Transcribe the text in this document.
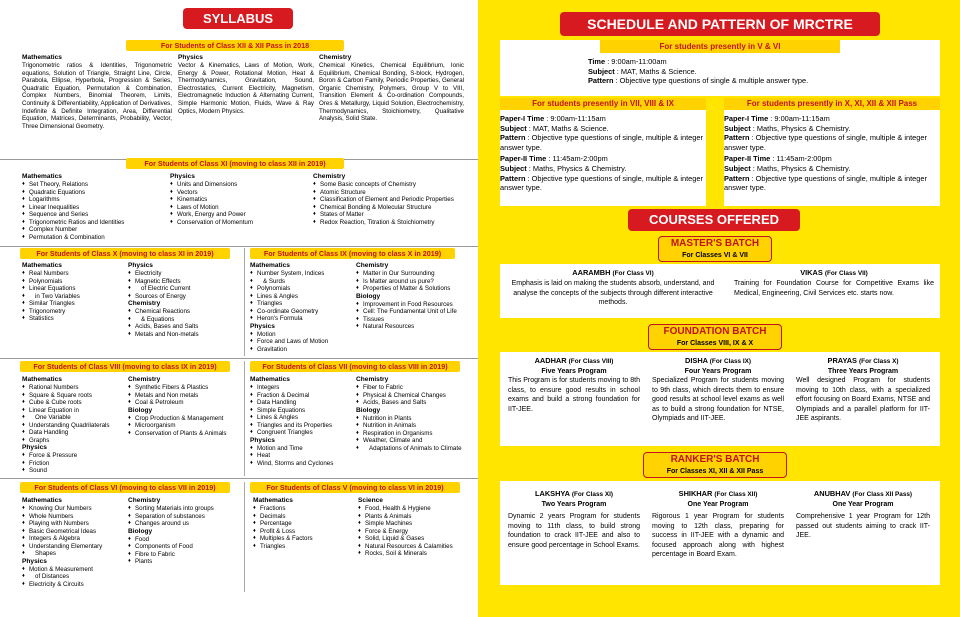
SYLLABUS
For Students of Class XII & XII Pass in 2018
Mathematics
Trigonometric ratios & Identities, Trigonometric equations, Solution of Triangle, Straight Line, Circle, Parabola, Ellipse, Hyperbola, Progression & Series, Quadratic Equation, Permutation & Combination, Complex Numbers, Binomial Theorem, Limits, Continuity & Differentiability, Application of Derivatives, Indefinite & Definite Integration, Area, Differential Equation, Matrices, Determinants, Probability, Vector, Three Dimensional Geometry.
Physics
Vector & Kinematics, Laws of Motion, Work, Energy & Power, Rotational Motion, Heat & Thermodynamics, Gravitation, Sound, Electrostatics, Current Electricity, Magnetism, Electromagnetic Induction & Alternating Current, Simple Harmonic Motion, Fluids, Wave & Ray Optics, Modern Physics.
Chemistry
Chemical Kinetics, Chemical Equilibrium, Ionic Equilibrium, Chemical Bonding, S-block, Hydrogen, Boron & Carbon Family, Periodic Properties, General Organic Chemistry, Polymers, Group V to VIII, Transition Element & Co-ordination Compounds, Ores & Metallurgy, Liquid Solution, Electrochemistry, Thermodynamics, Stoichiometry, Qualitative Analysis, Solid State.
For Students of Class XI (moving to class XII in 2019)
Mathematics
♦ Set Theory, Relations
♦ Quadratic Equations
♦ Logarithms
♦ Linear Inequalities
♦ Sequence and Series
♦ Trigonometric Ratios and Identities
♦ Complex Number
♦ Permutation & Combination
Physics
♦ Units and Dimensions
♦ Vectors
♦ Kinematics
♦ Laws of Motion
♦ Work, Energy and Power
♦ Conservation of Momentum
Chemistry
♦ Some Basic concepts of Chemistry
♦ Atomic Structure
♦ Classification of Element and Periodic Properties
♦ Chemical Bonding & Molecular Structure
♦ States of Matter
♦ Redox Reaction, Titration & Stoichiometry
For Students of Class X (moving to class XI in 2019)
Mathematics
♦ Real Numbers
♦ Polynomials
♦ Linear Equations
♦ in Two Variables
♦ Similar Triangles
♦ Trigonometry
♦ Statistics
Physics
♦ Electricity
♦ Magnetic Effects
♦ of Electric Current
♦ Sources of Energy
Chemistry
♦ Chemical Reactions
♦ & Equations
♦ Acids, Bases and Salts
♦ Metals and Non-metals
For Students of Class IX (moving to class X in 2019)
Mathematics
♦ Number System, Indices
♦ & Surds
♦ Polynomials
♦ Lines & Angles
♦ Triangles
♦ Co-ordinate Geometry
♦ Heron's Formula
Physics
♦ Motion
♦ Force and Laws of Motion
♦ Gravitation
Chemistry
♦ Matter in Our Surrounding
♦ Is Matter around us pure?
♦ Properties of Matter & Solutions
Biology
♦ Improvement in Food Resources
♦ Cell: The Fundamental Unit of Life
♦ Tissues
♦ Natural Resources
For Students of Class VIII (moving to class IX in 2019)
Mathematics
♦ Rational Numbers
♦ Square & Square roots
♦ Cube & Cube roots
♦ Linear Equation in
♦ One Variable
♦ Understanding Quadrilaterals
♦ Data Handling
♦ Graphs
Physics
♦ Force & Pressure
♦ Friction
♦ Sound
Chemistry
♦ Synthetic Fibers & Plastics
♦ Metals and Non metals
♦ Coal & Petroleum
Biology
♦ Crop Production & Management
♦ Microorganism
♦ Conservation of Plants & Animals
For Students of Class VII (moving to class VIII in 2019)
Mathematics
♦ Integers
♦ Fraction & Decimal
♦ Data Handling
♦ Simple Equations
♦ Lines & Angles
♦ Triangles and its Properties
♦ Congruent Triangles
Physics
♦ Motion and Time
♦ Heat
♦ Wind, Storms and Cyclones
Chemistry
♦ Fiber to Fabric
♦ Physical & Chemical Changes
♦ Acids, Bases and Salts
Biology
♦ Nutrition in Plants
♦ Nutrition in Animals
♦ Respiration in Organisms
♦ Weather, Climate and
♦ Adaptations of Animals to Climate
For Students of Class VI (moving to class VII in 2019)
Mathematics
♦ Knowing Our Numbers
♦ Whole Numbers
♦ Playing with Numbers
♦ Basic Geometrical Ideas
♦ Integers & Algebra
♦ Understanding Elementary
♦ Shapes
Physics
♦ Motion & Measurement
♦ of Distances
♦ Electricity & Circuits
Chemistry
♦ Sorting Materials into groups
♦ Separation of substances
♦ Changes around us
Biology
♦ Food
♦ Components of Food
♦ Fibre to Fabric
♦ Plants
For Students of Class V (moving to class VI in 2019)
Mathematics
♦ Fractions
♦ Decimals
♦ Percentage
♦ Profit & Loss
♦ Multiples & Factors
♦ Triangles
Science
♦ Food, Health & Hygiene
♦ Plants & Animals
♦ Simple Machines
♦ Force & Energy
♦ Solid, Liquid & Gases
♦ Natural Resources & Calamities
♦ Rocks, Soil & Minerals
SCHEDULE AND PATTERN OF MRCTRE
For students presently in V & VI
Time : 9:00am-11:00am
Subject : MAT, Maths & Science.
Pattern : Objective type questions of single & multiple answer type.
For students presently in VII, VIII & IX
Paper-I Time : 9:00am-11:15am
Subject : MAT, Maths & Science.
Pattern : Objective type questions of single, multiple & integer answer type.
Paper-II Time : 11:45am-2:00pm
Subject : Maths, Physics & Chemistry.
Pattern : Objective type questions of single, multiple & integer answer type.
For students presently in X, XI, XII & XII Pass
Paper-I Time : 9:00am-11:15am
Subject : Maths, Physics & Chemistry.
Pattern : Objective type questions of single, multiple & integer answer type.
Paper-II Time : 11:45am-2:00pm
Subject : Maths, Physics & Chemistry.
Pattern : Objective type questions of single, multiple & integer answer type.
COURSES OFFERED
MASTER'S BATCH
For Classes VI & VII
AARAMBH (For Class VI)
Emphasis is laid on making the students absorb, understand, and analyse the concepts of the subjects through different interactive methods.
VIKAS (For Class VII)
Training for Foundation Course for Competitive Exams like Medical, Engineering, Civil Services etc. starts now.
FOUNDATION BATCH
For Classes VIII, IX & X
AADHAR (For Class VIII)
Five Years Program
This Program is for students moving to 8th class, to ensure good results in school exams and build a strong foundation for IIT-JEE.
DISHA (For Class IX)
Four Years Program
Specialized Program for students moving to 9th class, which directs them to ensure good results at school level exams as well as to build a strong foundation for NTSE, Olympiads and IIT-JEE.
PRAYAS (For Class X)
Three Years Program
Well designed Program for students moving to 10th class, with a specialized effort focusing on Board Exams, NTSE and Olympiads and a parallel platform for IIT-JEE aspirants.
RANKER'S BATCH
For Classes XI, XII & XII Pass
LAKSHYA (For Class XI)
Two Years Program
Dynamic 2 years Program for students moving to 11th class, to build strong foundation to crack IIT-JEE and also to ensure good percentage in School Exams.
SHIKHAR (For Class XII)
One Year Program
Rigorous 1 year Program for students moving to 12th class, preparing for success in IIT-JEE with a dynamic and focused approach along with highest percentage in Board Exam.
ANUBHAV (For Class XII Pass)
One Year Program
Comprehensive 1 year Program for 12th passed out students aiming to crack IIT-JEE.
